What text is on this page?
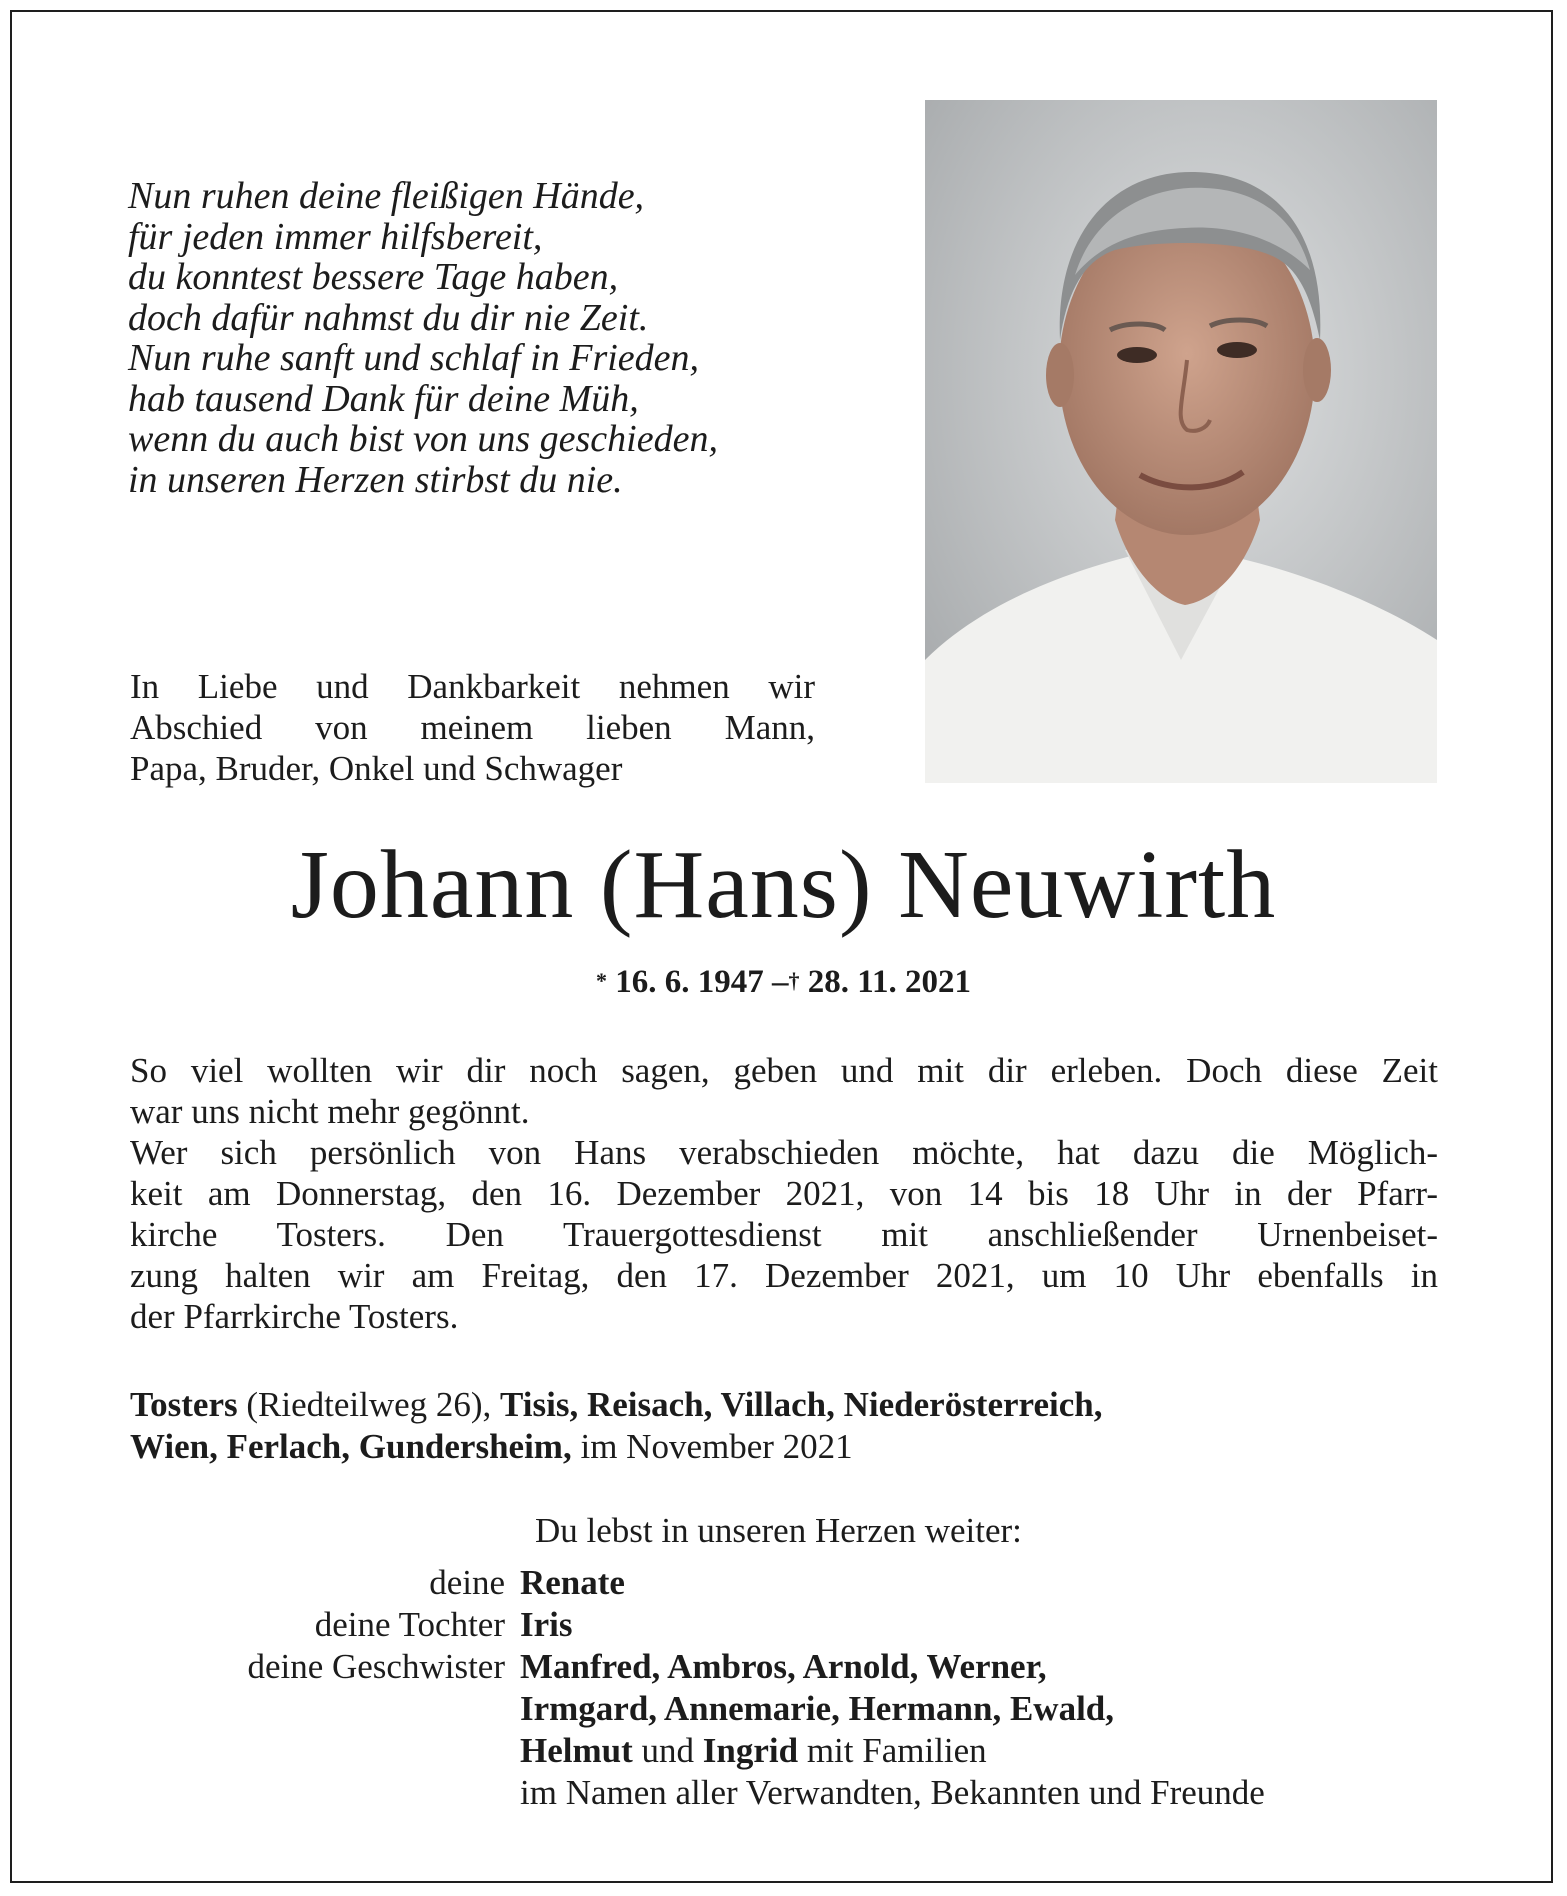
Nun ruhen deine fleißigen Hände,
für jeden immer hilfsbereit,
du konntest bessere Tage haben,
doch dafür nahmst du dir nie Zeit.
Nun ruhe sanft und schlaf in Frieden,
hab tausend Dank für deine Müh,
wenn du auch bist von uns geschieden,
in unseren Herzen stirbst du nie.
In Liebe und Dankbarkeit nehmen wir
Abschied von meinem lieben Mann,
Papa, Bruder, Onkel und Schwager
Johann (Hans) Neuwirth
* 16. 6. 1947 –† 28. 11. 2021
So viel wollten wir dir noch sagen, geben und mit dir erleben. Doch diese Zeit
war uns nicht mehr gegönnt.
Wer sich persönlich von Hans verabschieden möchte, hat dazu die Möglich-
keit am Donnerstag, den 16. Dezember 2021, von 14 bis 18 Uhr in der Pfarr-
kirche Tosters. Den Trauergottesdienst mit anschließender Urnenbeiset-
zung halten wir am Freitag, den 17. Dezember 2021, um 10 Uhr ebenfalls in
der Pfarrkirche Tosters.
Tosters (Riedteilweg 26), Tisis, Reisach, Villach, Niederösterreich,
Wien, Ferlach, Gundersheim, im November 2021
Du lebst in unseren Herzen weiter:
deine Renate
deine Tochter Iris
deine Geschwister Manfred, Ambros, Arnold, Werner,
Irmgard, Annemarie, Hermann, Ewald,
Helmut und Ingrid mit Familien
im Namen aller Verwandten, Bekannten und Freunde
